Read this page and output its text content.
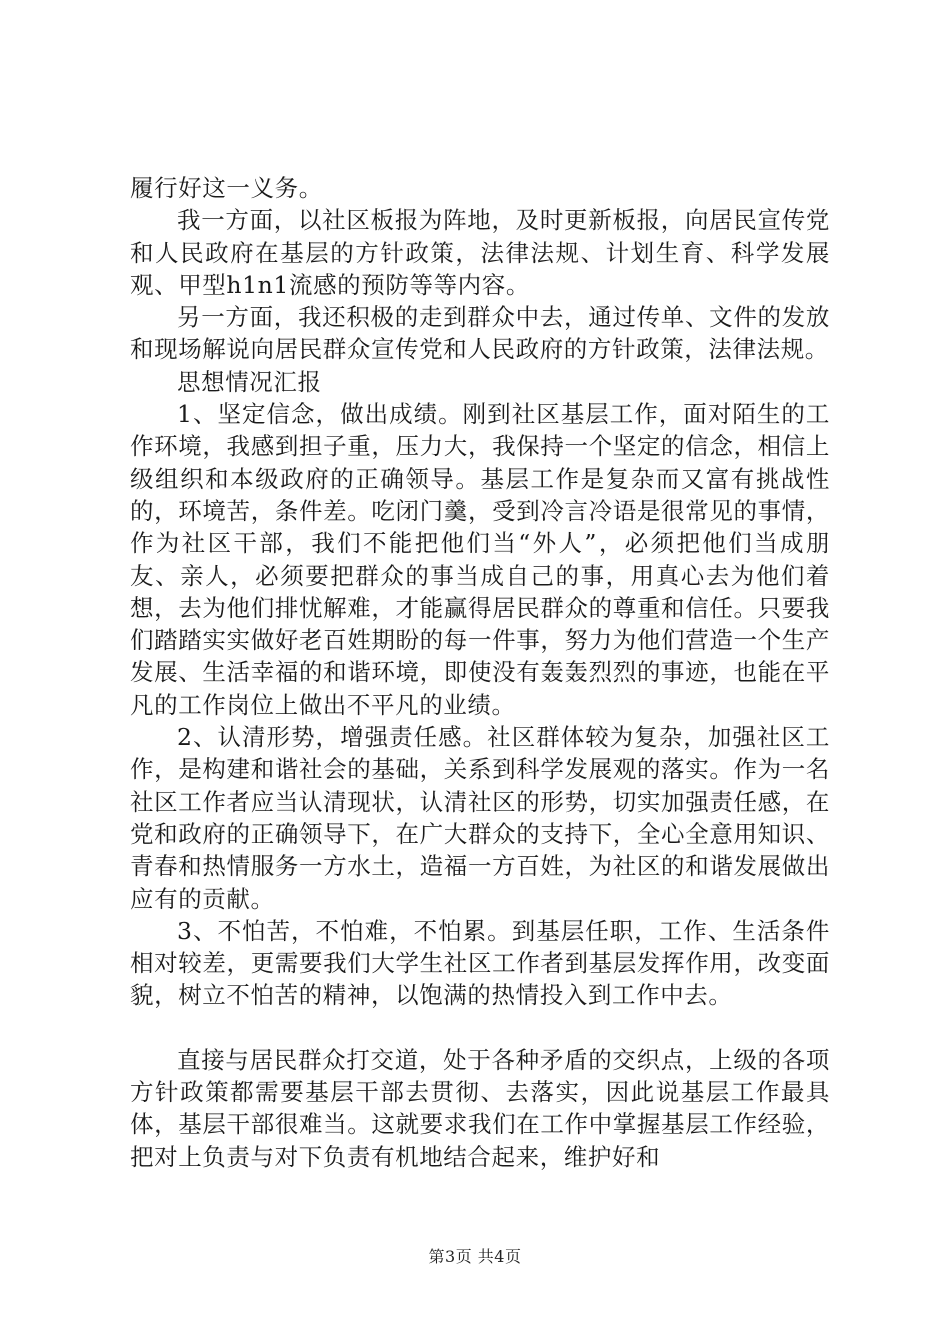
履行好这一义务。

我一方面，以社区板报为阵地，及时更新板报，向居民宣传党和人民政府在基层的方针政策，法律法规、计划生育、科学发展观、甲型h1n1流感的预防等等内容。

另一方面，我还积极的走到群众中去，通过传单、文件的发放和现场解说向居民群众宣传党和人民政府的方针政策，法律法规。

思想情况汇报

1、坚定信念，做出成绩。刚到社区基层工作，面对陌生的工作环境，我感到担子重，压力大，我保持一个坚定的信念，相信上级组织和本级政府的正确领导。基层工作是复杂而又富有挑战性的，环境苦，条件差。吃闭门羹，受到冷言冷语是很常见的事情，作为社区干部，我们不能把他们当“外人”，必须把他们当成朋友、亲人，必须要把群众的事当成自己的事，用真心去为他们着想，去为他们排忧解难，才能赢得居民群众的尊重和信任。只要我们踏踏实实做好老百姓期盼的每一件事，努力为他们营造一个生产发展、生活幸福的和谐环境，即使没有轰轰烈烈的事迹，也能在平凡的工作岗位上做出不平凡的业绩。

2、认清形势，增强责任感。社区群体较为复杂，加强社区工作，是构建和谐社会的基础，关系到科学发展观的落实。作为一名社区工作者应当认清现状，认清社区的形势，切实加强责任感，在党和政府的正确领导下，在广大群众的支持下，全心全意用知识、青春和热情服务一方水土，造福一方百姓，为社区的和谐发展做出应有的贡献。

3、不怕苦，不怕难，不怕累。到基层任职，工作、生活条件相对较差，更需要我们大学生社区工作者到基层发挥作用，改变面貌，树立不怕苦的精神，以饱满的热情投入到工作中去。

直接与居民群众打交道，处于各种矛盾的交织点，上级的各项方针政策都需要基层干部去贯彻、去落实，因此说基层工作最具体，基层干部很难当。这就要求我们在工作中掌握基层工作经验，把对上负责与对下负责有机地结合起来，维护好和

第3页 共4页
